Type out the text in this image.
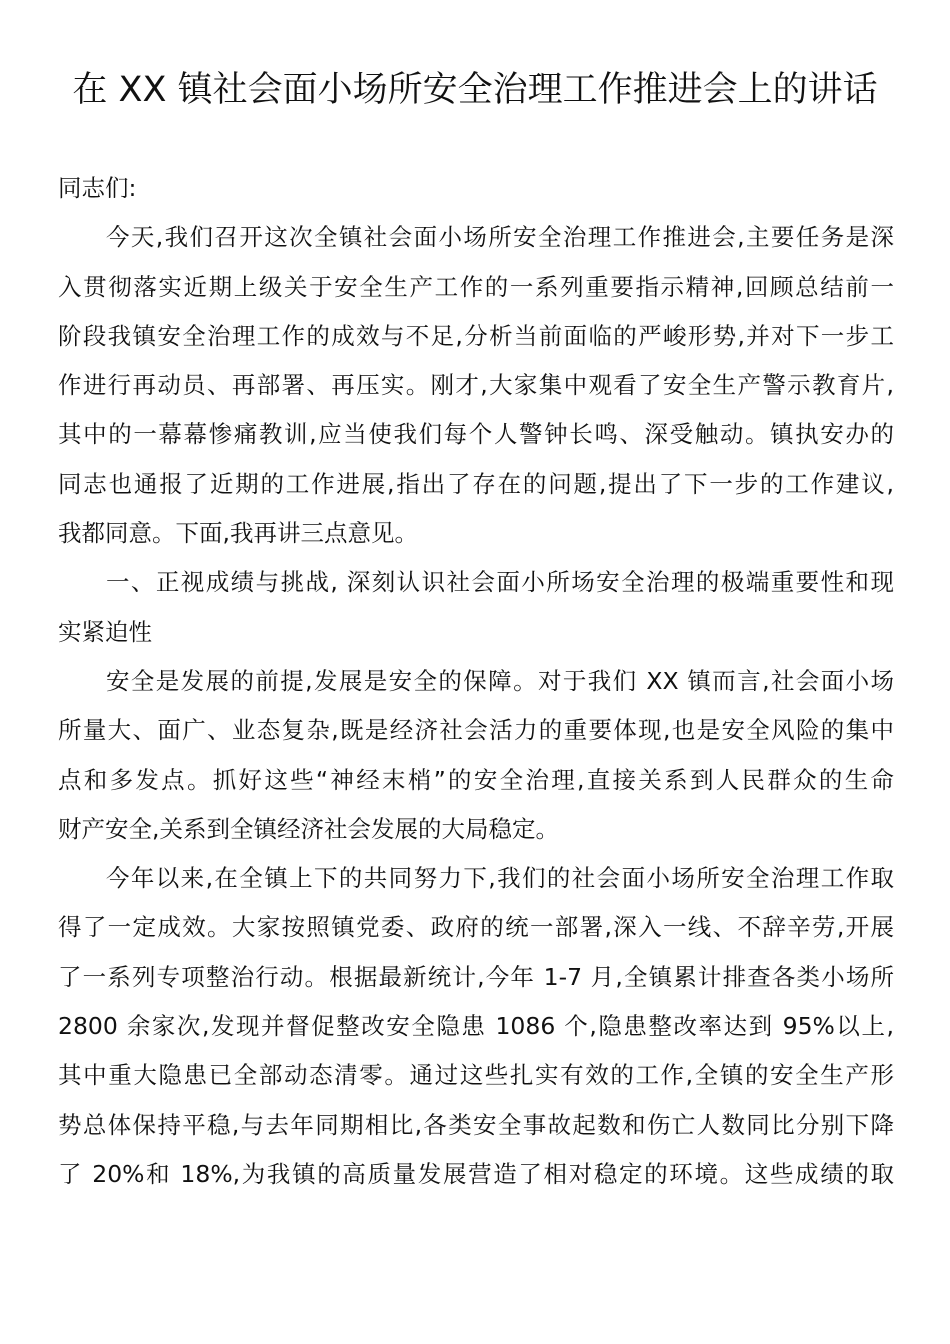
在 XX 镇社会面小场所安全治理工作推进会上的讲话
同志们:
今天,我们召开这次全镇社会面小场所安全治理工作推进会,主要任务是深
入贯彻落实近期上级关于安全生产工作的一系列重要指示精神,回顾总结前一
阶段我镇安全治理工作的成效与不足,分析当前面临的严峻形势,并对下一步工
作进行再动员、再部署、再压实。刚才,大家集中观看了安全生产警示教育片,
其中的一幕幕惨痛教训,应当使我们每个人警钟长鸣、深受触动。镇执安办的
同志也通报了近期的工作进展,指出了存在的问题,提出了下一步的工作建议,
我都同意。下面,我再讲三点意见。
一、正视成绩与挑战, 深刻认识社会面小所场安全治理的极端重要性和现
实紧迫性
安全是发展的前提,发展是安全的保障。对于我们 XX 镇而言,社会面小场
所量大、面广、业态复杂,既是经济社会活力的重要体现,也是安全风险的集中
点和多发点。抓好这些“神经末梢”的安全治理,直接关系到人民群众的生命
财产安全,关系到全镇经济社会发展的大局稳定。
今年以来,在全镇上下的共同努力下,我们的社会面小场所安全治理工作取
得了一定成效。大家按照镇党委、政府的统一部署,深入一线、不辞辛劳,开展
了一系列专项整治行动。根据最新统计,今年 1-7 月,全镇累计排查各类小场所
2800 余家次,发现并督促整改安全隐患 1086 个,隐患整改率达到 95%以上,
其中重大隐患已全部动态清零。通过这些扎实有效的工作,全镇的安全生产形
势总体保持平稳,与去年同期相比,各类安全事故起数和伤亡人数同比分别下降
了 20%和 18%,为我镇的高质量发展营造了相对稳定的环境。这些成绩的取
